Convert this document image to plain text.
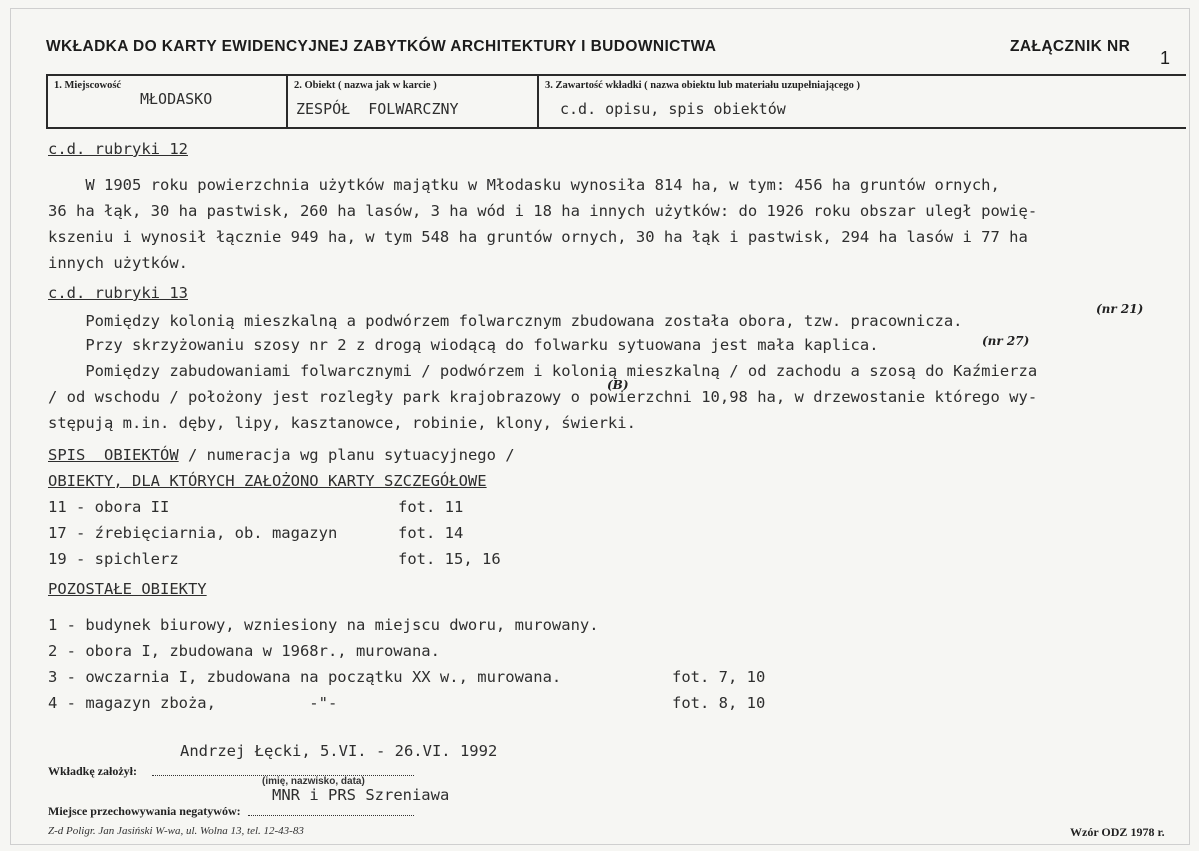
WKŁADKA DO KARTY EWIDENCYJNEJ ZABYTKÓW ARCHITEKTURY I BUDOWNICTWA	ZAŁĄCZNIK NR
1
1. Miejscowość
MŁODASKO
2. Obiekt ( nazwa jak w karcie )
ZESPÓŁ  FOLWARCZNY
3. Zawartość wkładki ( nazwa obiektu lub materiału uzupełniającego )
c.d. opisu, spis obiektów
c.d. rubryki 12
W 1905 roku powierzchnia użytków majątku w Młodasku wynosiła 814 ha, w tym: 456 ha gruntów ornych,
36 ha łąk, 30 ha pastwisk, 260 ha lasów, 3 ha wód i 18 ha innych użytków: do 1926 roku obszar uległ powię-
kszeniu i wynosił łącznie 949 ha, w tym 548 ha gruntów ornych, 30 ha łąk i pastwisk, 294 ha lasów i 77 ha
innych użytków.
c.d. rubryki 13
Pomiędzy kolonią mieszkalną a podwórzem folwarcznym zbudowana została obora, tzw. pracownicza.
Przy skrzyżowaniu szosy nr 2 z drogą wiodącą do folwarku sytuowana jest mała kaplica.
Pomiędzy zabudowaniami folwarcznymi / podwórzem i kolonią mieszkalną / od zachodu a szosą do Kaźmierza
/ od wschodu / położony jest rozległy park krajobrazowy o powierzchni 10,98 ha, w drzewostanie którego wy-
stępują m.in. dęby, lipy, kasztanowce, robinie, klony, świerki.
(nr 21)
(nr 27)
(B)
SPIS  OBIEKTÓW / numeracja wg planu sytuacyjnego /
OBIEKTY, DLA KTÓRYCH ZAŁOŻONO KARTY SZCZEGÓŁOWE
11 - obora II	fot. 11
17 - źrebięciarnia, ob. magazyn	fot. 14
19 - spichlerz	fot. 15, 16
POZOSTAŁE OBIEKTY
1 - budynek biurowy, wzniesiony na miejscu dworu, murowany.
2 - obora I, zbudowana w 1968r., murowana.
3 - owczarnia I, zbudowana na początku XX w., murowana.	fot. 7, 10
4 - magazyn zboża,          -"-	fot. 8, 10
Andrzej Łęcki, 5.VI. - 26.VI. 1992
Wkładkę założył:
(imię, nazwisko, data)
MNR i PRS Szreniawa
Miejsce przechowywania negatywów:
Z-d Poligr. Jan Jasiński W-wa, ul. Wolna 13, tel. 12-43-83	Wzór ODZ 1978 r.
